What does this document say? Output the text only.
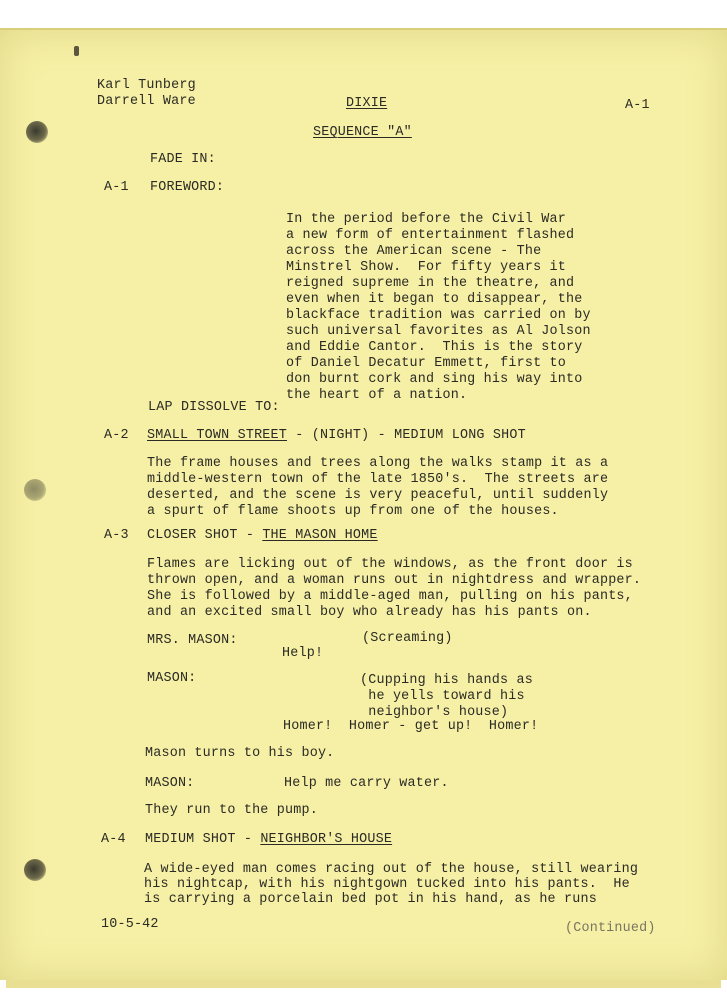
Karl Tunberg

Darrell Ware	DIXIE	A-1

SEQUENCE "A"

FADE IN:

A-1 FOREWORD:

In the period before the Civil War

a new form of entertainment flashed

across the American scene - The

Minstrel Show.  For fifty years it

reigned supreme in the theatre, and

even when it began to disappear, the

blackface tradition was carried on by

such universal favorites as Al Jolson

and Eddie Cantor.  This is the story

of Daniel Decatur Emmett, first to

don burnt cork and sing his way into

the heart of a nation.

LAP DISSOLVE TO:

A-2 SMALL TOWN STREET - (NIGHT) - MEDIUM LONG SHOT

The frame houses and trees along the walks stamp it as a

middle-western town of the late 1850's.  The streets are

deserted, and the scene is very peaceful, until suddenly

a spurt of flame shoots up from one of the houses.

A-3 CLOSER SHOT - THE MASON HOME

Flames are licking out of the windows, as the front door is

thrown open, and a woman runs out in nightdress and wrapper.

She is followed by a middle-aged man, pulling on his pants,

and an excited small boy who already has his pants on.

MRS. MASON:	(Screaming)

Help!

MASON:	(Cupping his hands as

he yells toward his

neighbor's house)

Homer!  Homer - get up!  Homer!

Mason turns to his boy.

MASON:	Help me carry water.

They run to the pump.

A-4 MEDIUM SHOT - NEIGHBOR'S HOUSE

A wide-eyed man comes racing out of the house, still wearing

his nightcap, with his nightgown tucked into his pants.  He

is carrying a porcelain bed pot in his hand, as he runs

10-5-42	(Continued)
